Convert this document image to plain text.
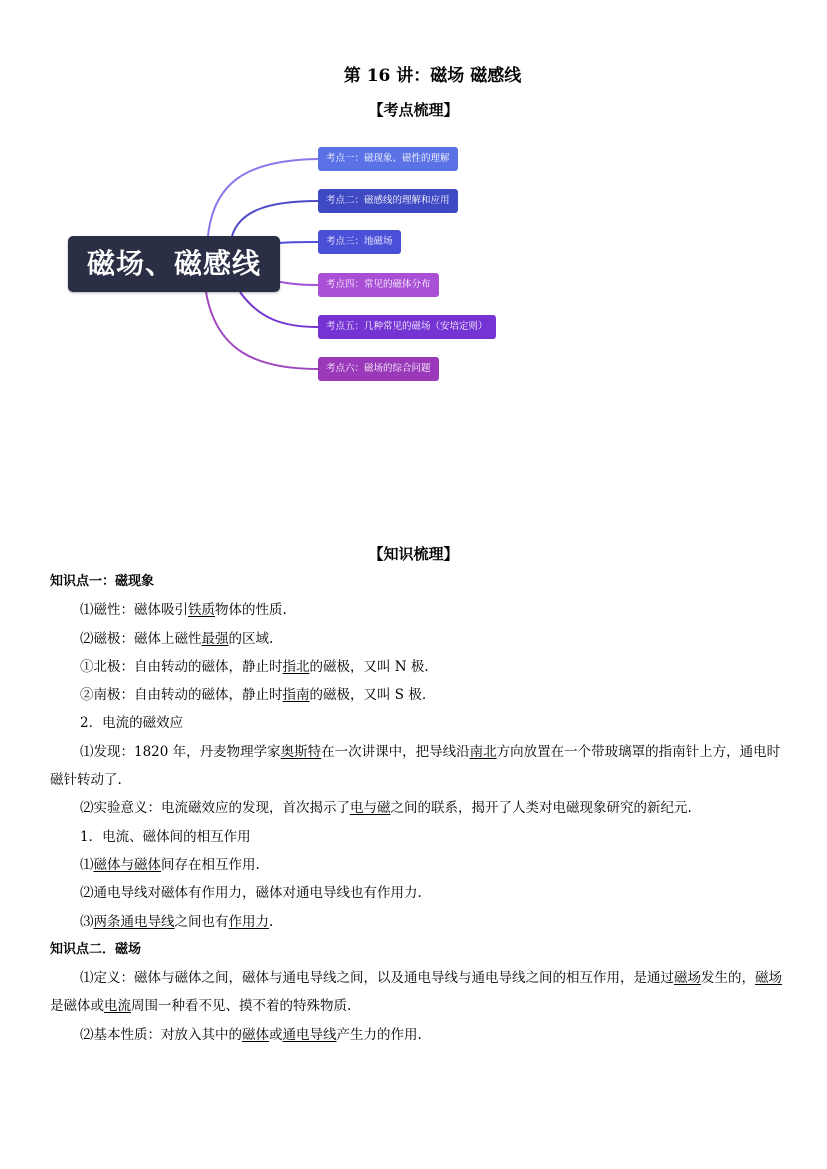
第 16 讲：磁场 磁感线
【考点梳理】
磁场、磁感线
考点一：磁现象、磁性的理解
考点二：磁感线的理解和应用
考点三：地磁场
考点四：常见的磁体分布
考点五：几种常见的磁场（安培定则）
考点六：磁场的综合问题
【知识梳理】

知识点一：磁现象

⑴磁性：磁体吸引铁质物体的性质.

⑵磁极：磁体上磁性最强的区域.

①北极：自由转动的磁体，静止时指北的磁极，又叫 N 极.

②南极：自由转动的磁体，静止时指南的磁极，又叫 S 极.

2．电流的磁效应

⑴发现：1820 年，丹麦物理学家奥斯特在一次讲课中，把导线沿南北方向放置在一个带玻璃罩的指南针上方，通电时磁针转动了.

⑵实验意义：电流磁效应的发现，首次揭示了电与磁之间的联系，揭开了人类对电磁现象研究的新纪元.

1．电流、磁体间的相互作用

⑴磁体与磁体间存在相互作用.

⑵通电导线对磁体有作用力，磁体对通电导线也有作用力.

⑶两条通电导线之间也有作用力.

知识点二．磁场

⑴定义：磁体与磁体之间，磁体与通电导线之间，以及通电导线与通电导线之间的相互作用，是通过磁场发生的，磁场是磁体或电流周围一种看不见、摸不着的特殊物质.

⑵基本性质：对放入其中的磁体或通电导线产生力的作用.
